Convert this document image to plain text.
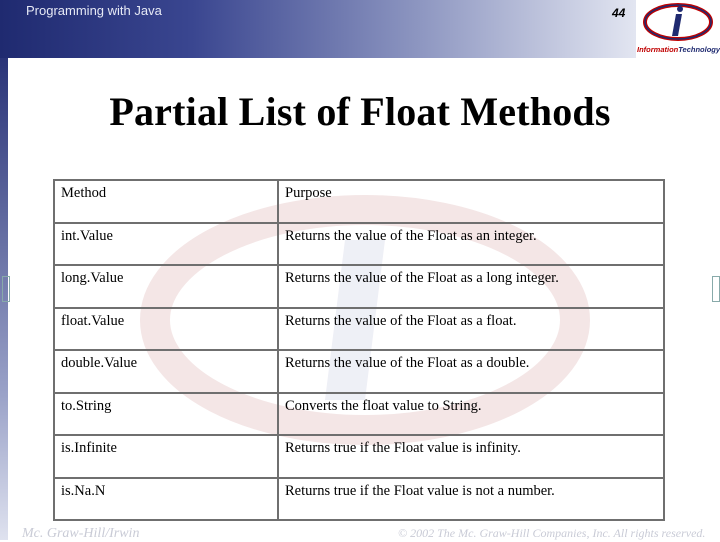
Programming with Java	44
InformationTechnology
Partial List of Float Methods
Method	Purpose
int.Value	Returns the value of the Float as an integer.
long.Value	Returns the value of the Float as a long integer.
float.Value	Returns the value of the Float as a float.
double.Value	Returns the value of the Float as a double.
to.String	Converts the float value to String.
is.Infinite	Returns true if the Float value is infinity.
is.Na.N	Returns true if the Float value is not a number.
Mc. Graw-Hill/Irwin	© 2002 The Mc. Graw-Hill Companies, Inc. All rights reserved.
